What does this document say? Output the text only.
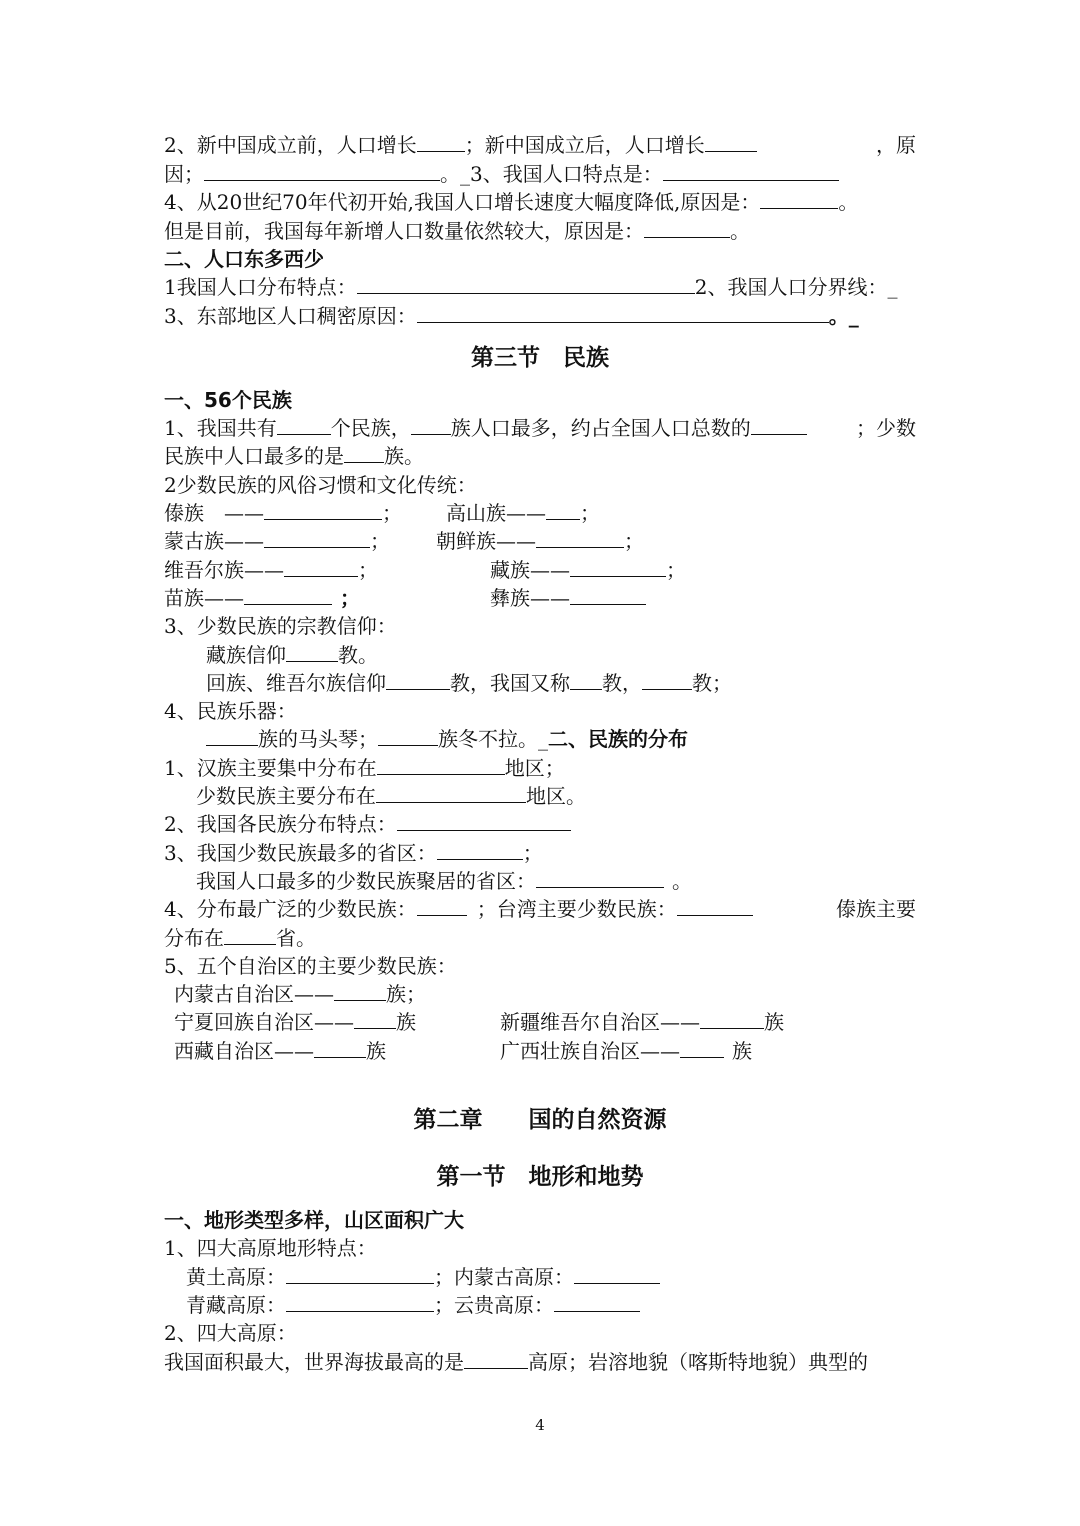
2、新中国成立前，人口增长 ；新中国成立后，人口增长	，原
因；	。_3、我国人口特点是：
4、从20世纪70年代初开始,我国人口增长速度大幅度降低,原因是：	。
但是目前，我国每年新增人口数量依然较大，原因是：	。
二、人口东多西少
1我国人口分布特点：	2、我国人口分界线：_
3、东部地区人口稠密原因：	。_
第三节　民族
一、56个民族
1、我国共有	个民族， 族人口最多，约占全国人口总数的	；少数
民族中人口最多的是 族。
2少数民族的风俗习惯和文化传统：
傣族　——	； 高山族—— ；
蒙古族——	； 朝鲜族——	；
维吾尔族——	；	藏族——	；
苗族——	；	彝族——
3、少数民族的宗教信仰：
藏族信仰	教。
回族、维吾尔族信仰	教，我国又称 教，	教；
4、民族乐器：
族的马头琴；	族冬不拉。_二、民族的分布
1、汉族主要集中分布在	地区；
少数民族主要分布在	地区。
2、我国各民族分布特点：
3、我国少数民族最多的省区：	；
我国人口最多的少数民族聚居的省区：	。
4、分布最广泛的少数民族：	；台湾主要少数民族：	傣族主要
分布在	省。
5、五个自治区的主要少数民族：
内蒙古自治区——	族；
宁夏回族自治区—— 族	新疆维吾尔自治区——	族
西藏自治区——	族	广西壮族自治区——	族
第二章　　国的自然资源
第一节　地形和地势
一、地形类型多样，山区面积广大
1、四大高原地形特点：
黄土高原：	；内蒙古高原：
青藏高原：	；云贵高原：
2、四大高原：
我国面积最大，世界海拔最高的是	高原；岩溶地貌（喀斯特地貌）典型的
4
